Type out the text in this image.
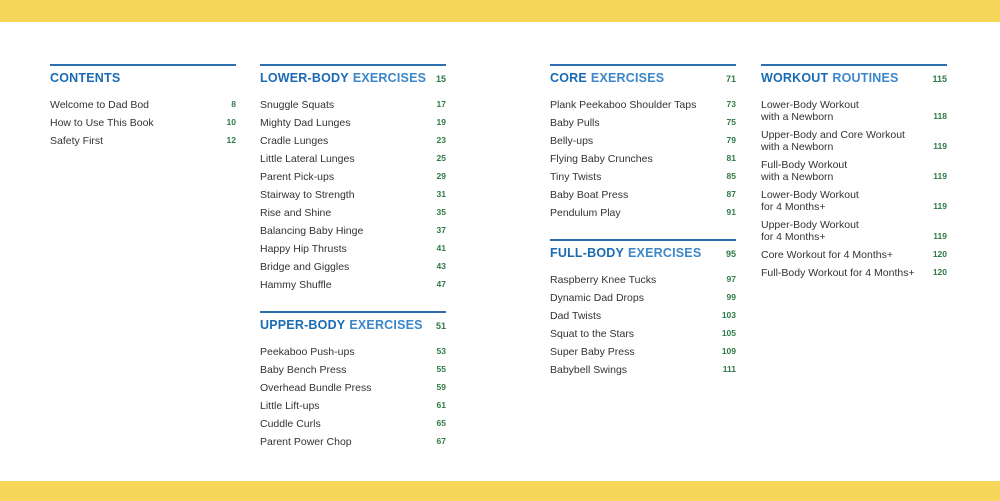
CONTENTS
Welcome to Dad Bod	8
How to Use This Book	10
Safety First	12
LOWER-BODY EXERCISES 15
Snuggle Squats	17
Mighty Dad Lunges	19
Cradle Lunges	23
Little Lateral Lunges	25
Parent Pick-ups	29
Stairway to Strength	31
Rise and Shine	35
Balancing Baby Hinge	37
Happy Hip Thrusts	41
Bridge and Giggles	43
Hammy Shuffle	47
UPPER-BODY EXERCISES 51
Peekaboo Push-ups	53
Baby Bench Press	55
Overhead Bundle Press	59
Little Lift-ups	61
Cuddle Curls	65
Parent Power Chop	67
CORE EXERCISES	71
Plank Peekaboo Shoulder Taps	73
Baby Pulls	75
Belly-ups	79
Flying Baby Crunches	81
Tiny Twists	85
Baby Boat Press	87
Pendulum Play	91
FULL-BODY EXERCISES	95
Raspberry Knee Tucks	97
Dynamic Dad Drops	99
Dad Twists	103
Squat to the Stars	105
Super Baby Press	109
Babybell Swings	111
WORKOUT ROUTINES	115
Lower-Body Workout
with a Newborn	118
Upper-Body and Core Workout
with a Newborn	119
Full-Body Workout
with a Newborn	119
Lower-Body Workout
for 4 Months+	119
Upper-Body Workout
for 4 Months+	119
Core Workout for 4 Months+	120
Full-Body Workout for 4 Months+ 120
